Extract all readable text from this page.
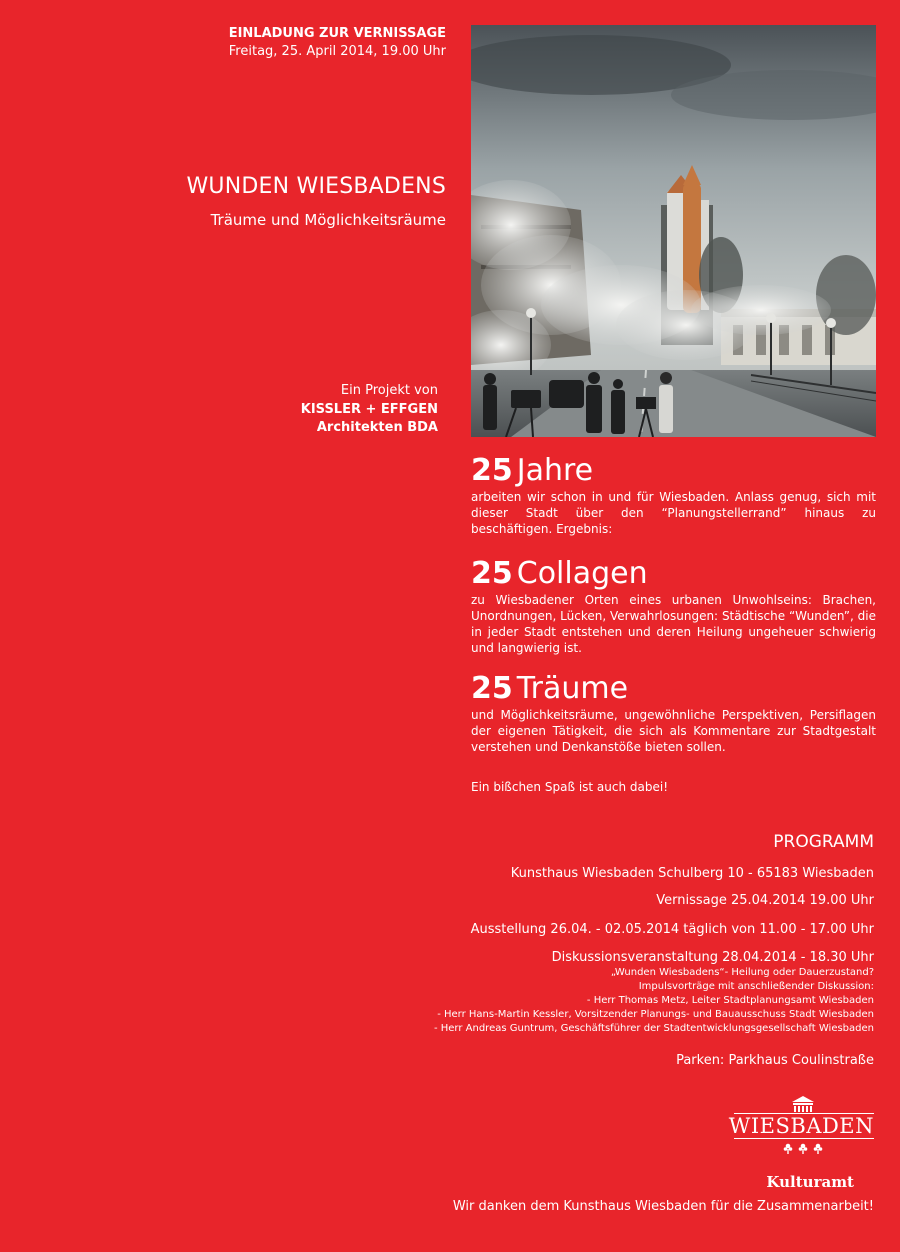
EINLADUNG ZUR VERNISSAGE
Freitag, 25. April 2014, 19.00 Uhr
WUNDEN WIESBADENS
Träume und Möglichkeitsräume
Ein Projekt von
KISSLER + EFFGEN
Architekten BDA
25 Jahre
arbeiten wir schon in und für Wiesbaden. Anlass genug, sich mit dieser Stadt über den “Planungstellerrand” hinaus zu beschäftigen. Ergebnis:
25 Collagen
zu Wiesbadener Orten eines urbanen Unwohlseins: Brachen, Unordnungen, Lücken, Verwahrlosungen: Städtische “Wunden”, die in jeder Stadt entstehen und deren Heilung ungeheuer schwierig und langwierig ist.
25 Träume
und Möglichkeitsräume, ungewöhnliche Perspektiven, Persiflagen der eigenen Tätigkeit, die sich als Kommentare zur Stadtgestalt verstehen und Denkanstöße bieten sollen.
Ein bißchen Spaß ist auch dabei!
PROGRAMM
Kunsthaus Wiesbaden Schulberg 10 - 65183 Wiesbaden
Vernissage 25.04.2014 19.00 Uhr
Ausstellung 26.04. - 02.05.2014 täglich von 11.00 - 17.00 Uhr
Diskussionsveranstaltung 28.04.2014 - 18.30 Uhr
„Wunden Wiesbadens“- Heilung oder Dauerzustand?
Impulsvorträge mit anschließender Diskussion:
- Herr Thomas Metz, Leiter Stadtplanungsamt Wiesbaden
- Herr Hans-Martin Kessler, Vorsitzender Planungs- und Bauausschuss Stadt Wiesbaden
- Herr Andreas Guntrum, Geschäftsführer der Stadtentwicklungsgesellschaft Wiesbaden
Parken: Parkhaus Coulinstraße
WIESBADEN
Kulturamt
Wir danken dem Kunsthaus Wiesbaden für die Zusammenarbeit!
